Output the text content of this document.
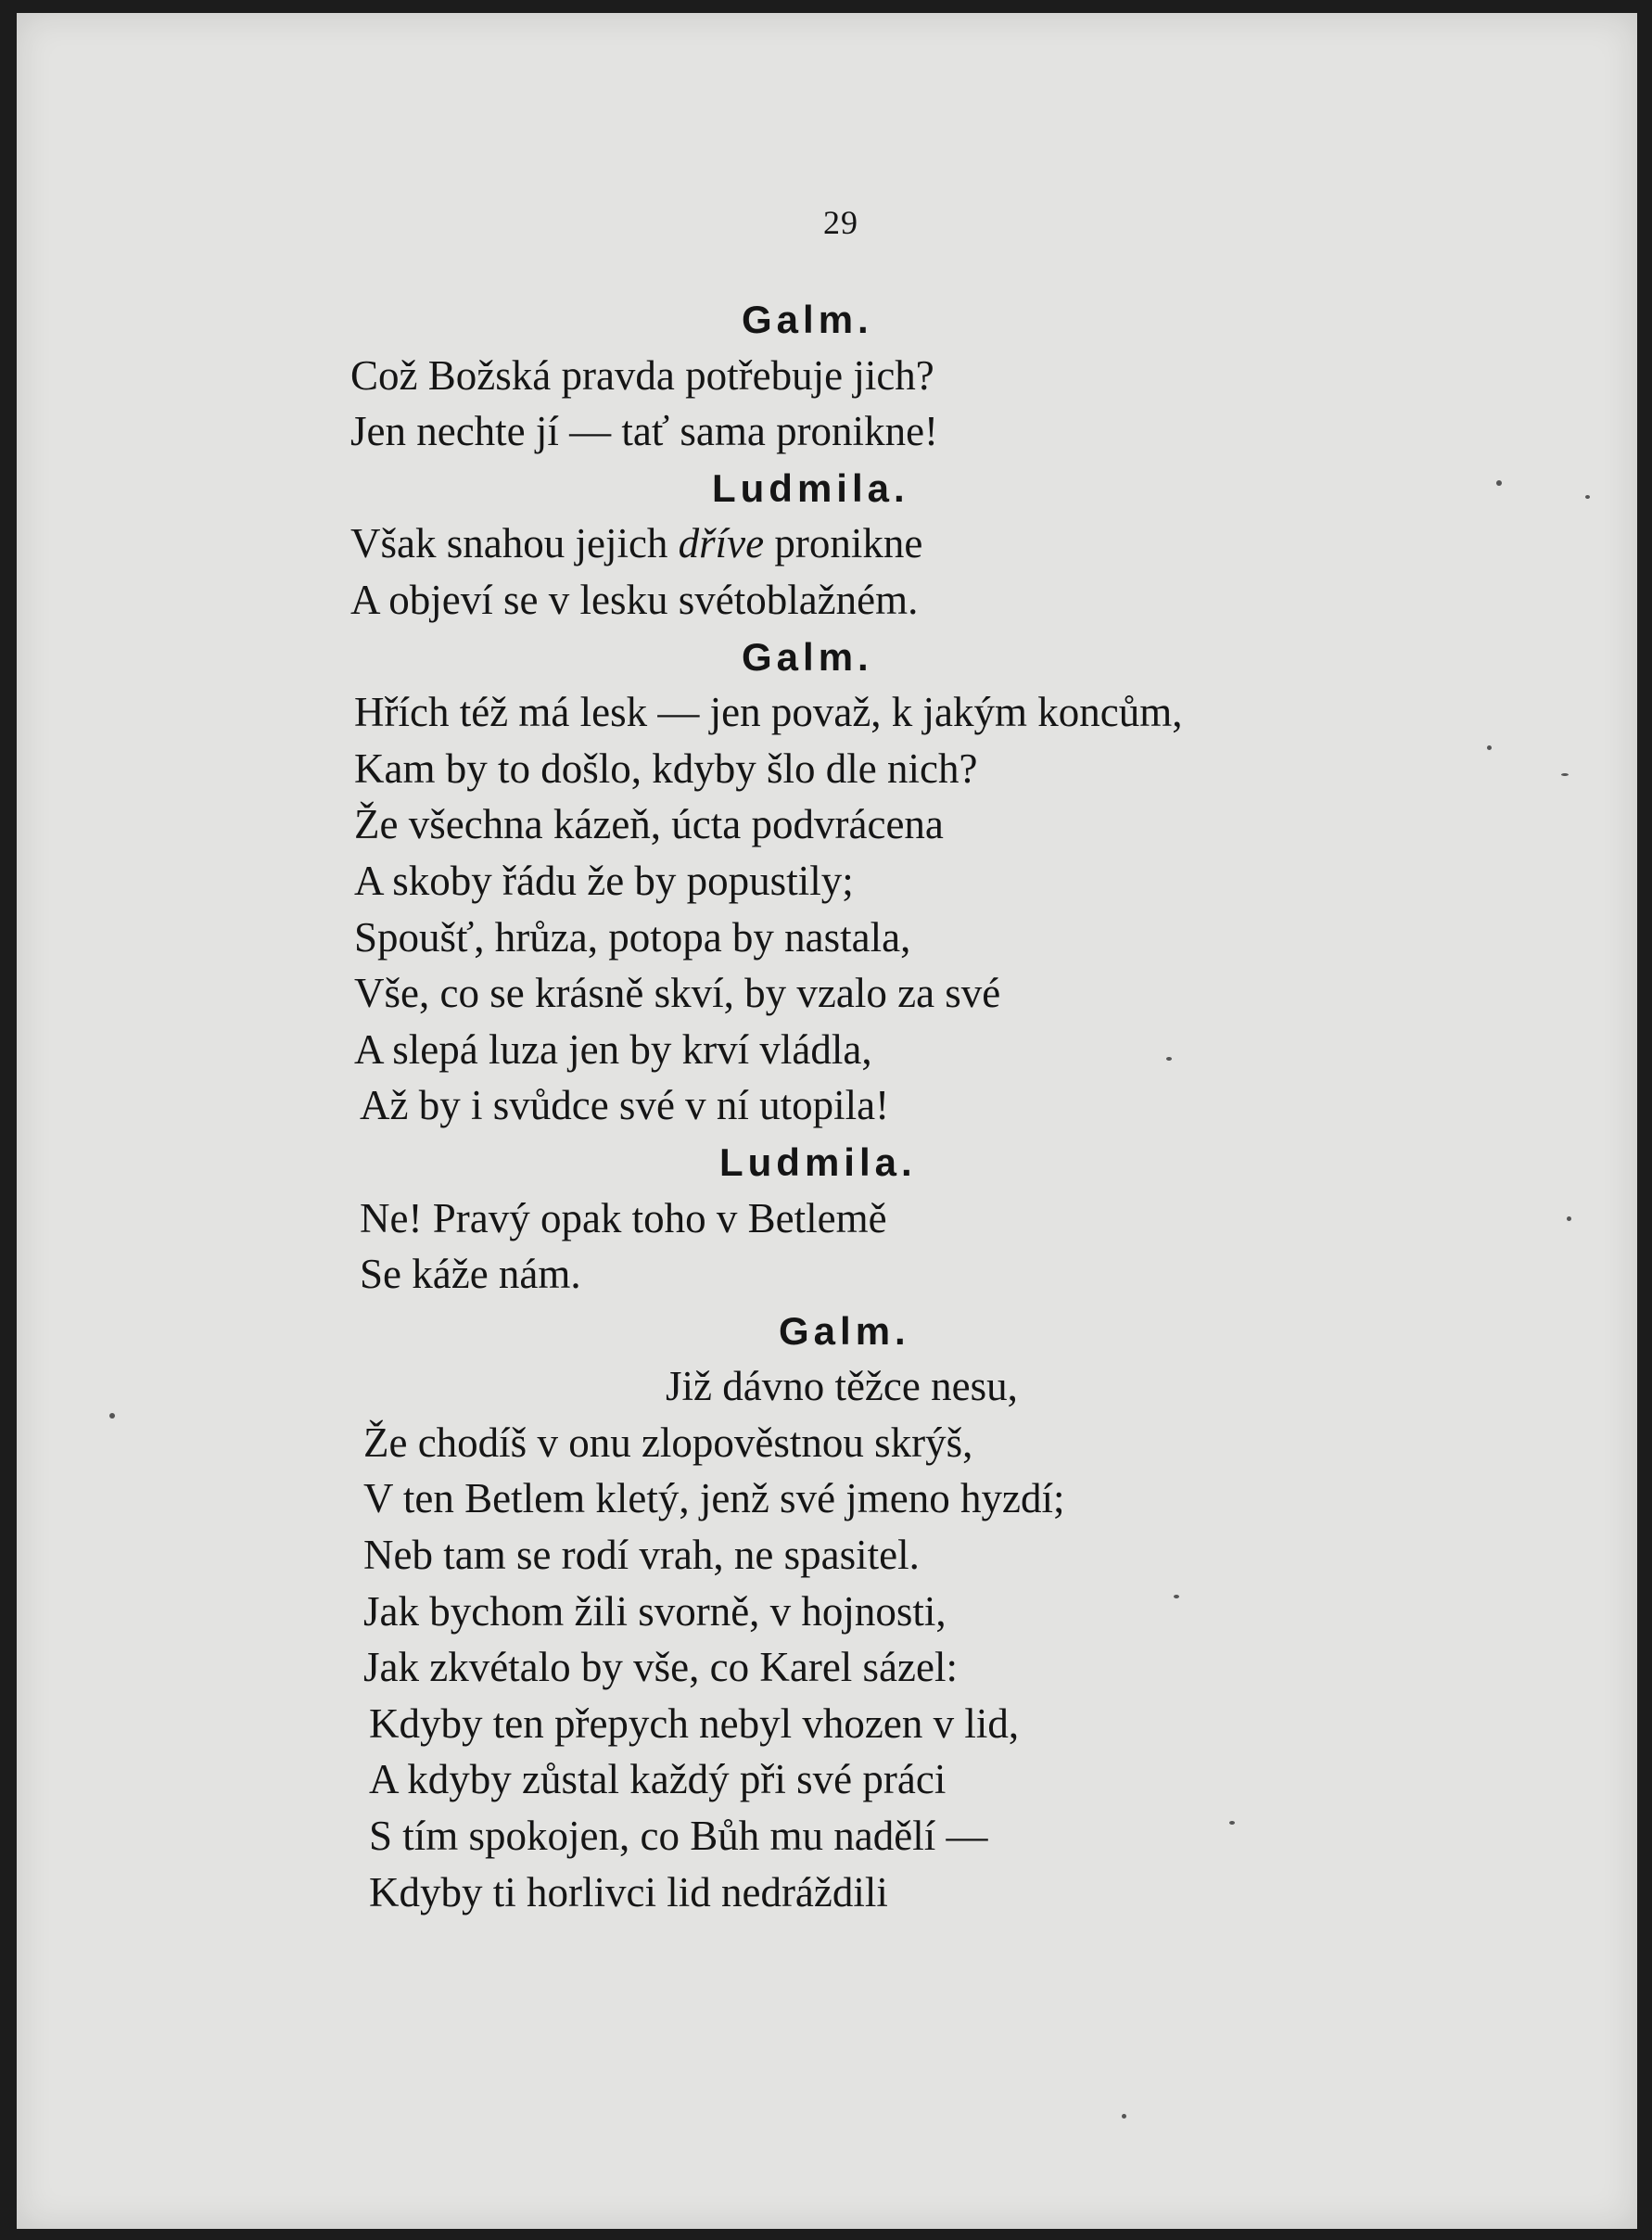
29
Galm.
Což Božská pravda potřebuje jich?
Jen nechte jí — tať sama pronikne!
Ludmila.
Však snahou jejich dříve pronikne
A objeví se v lesku svétoblažném.
Galm.
Hřích též má lesk — jen považ, k jakým koncům,
Kam by to došlo, kdyby šlo dle nich?
Že všechna kázeň, úcta podvrácena
A skoby řádu že by popustily;
Spoušť, hrůza, potopa by nastala,
Vše, co se krásně skví, by vzalo za své
A slepá luza jen by krví vládla,
Až by i svůdce své v ní utopila!
Ludmila.
Ne! Pravý opak toho v Betlemě
Se káže nám.
Galm.
Již dávno těžce nesu,
Že chodíš v onu zlopověstnou skrýš,
V ten Betlem kletý, jenž své jmeno hyzdí;
Neb tam se rodí vrah, ne spasitel.
Jak bychom žili svorně, v hojnosti,
Jak zkvétalo by vše, co Karel sázel:
Kdyby ten přepych nebyl vhozen v lid,
A kdyby zůstal každý při své práci
S tím spokojen, co Bůh mu nadělí —
Kdyby ti horlivci lid nedráždili
